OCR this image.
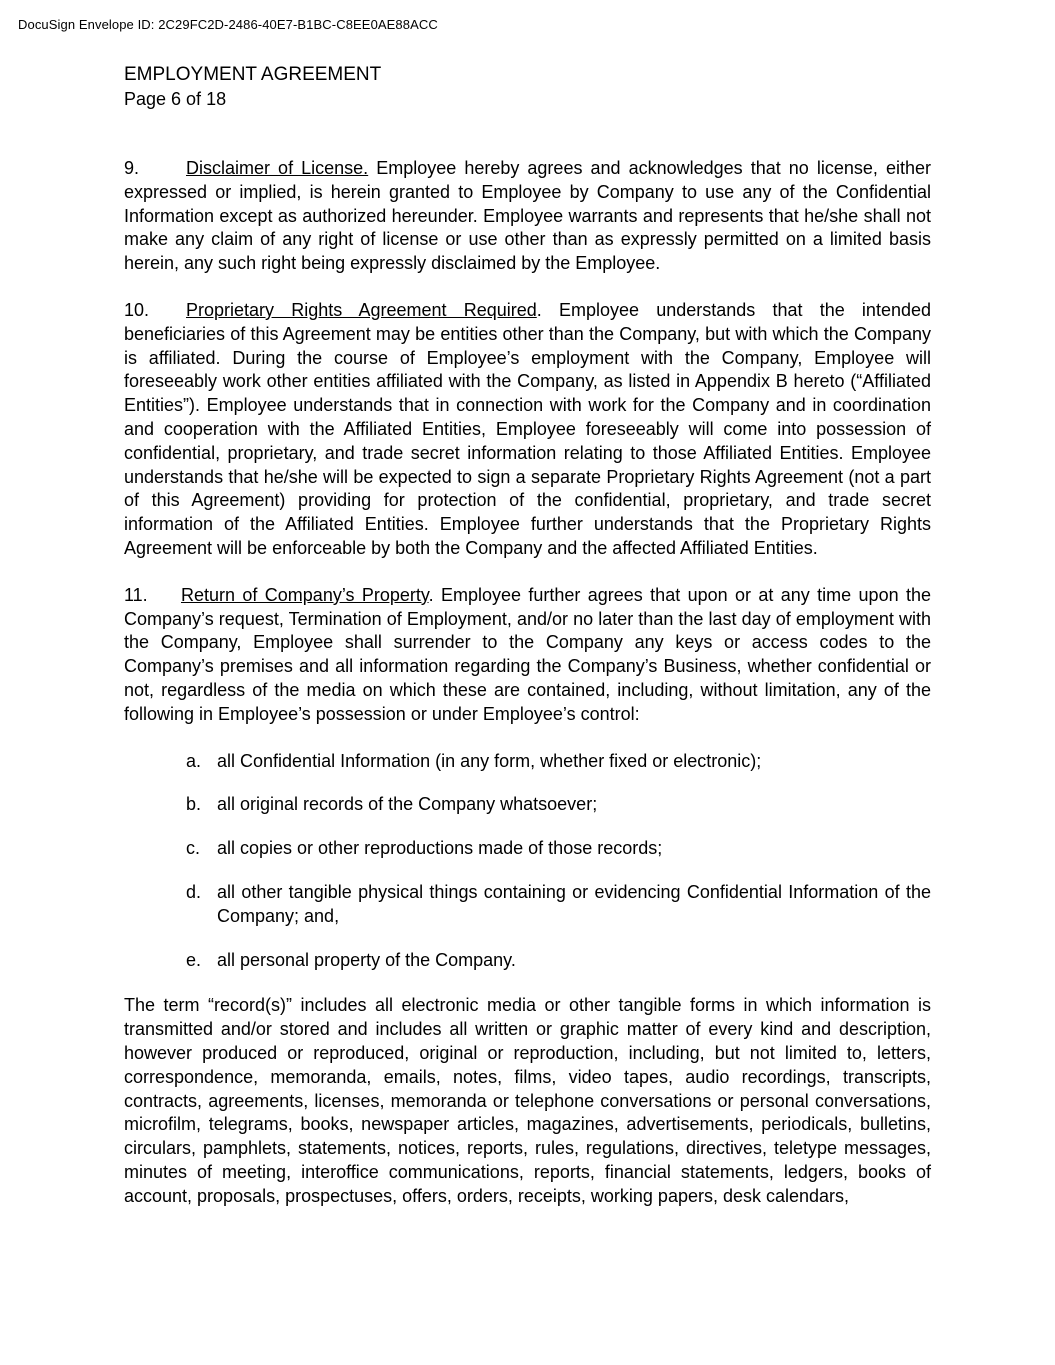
DocuSign Envelope ID: 2C29FC2D-2486-40E7-B1BC-C8EE0AE88ACC
EMPLOYMENT AGREEMENT
Page 6 of 18

9.	Disclaimer of License. Employee hereby agrees and acknowledges that no license, either expressed or implied, is herein granted to Employee by Company to use any of the Confidential Information except as authorized hereunder. Employee warrants and represents that he/she shall not make any claim of any right of license or use other than as expressly permitted on a limited basis herein, any such right being expressly disclaimed by the Employee.

10. Proprietary Rights Agreement Required. Employee understands that the intended beneficiaries of this Agreement may be entities other than the Company, but with which the Company is affiliated. During the course of Employee’s employment with the Company, Employee will foreseeably work other entities affiliated with the Company, as listed in Appendix B hereto (“Affiliated Entities”). Employee understands that in connection with work for the Company and in coordination and cooperation with the Affiliated Entities, Employee foreseeably will come into possession of confidential, proprietary, and trade secret information relating to those Affiliated Entities. Employee understands that he/she will be expected to sign a separate Proprietary Rights Agreement (not a part of this Agreement) providing for protection of the confidential, proprietary, and trade secret information of the Affiliated Entities. Employee further understands that the Proprietary Rights Agreement will be enforceable by both the Company and the affected Affiliated Entities.

11. Return of Company’s Property. Employee further agrees that upon or at any time upon the Company’s request, Termination of Employment, and/or no later than the last day of employment with the Company, Employee shall surrender to the Company any keys or access codes to the Company’s premises and all information regarding the Company’s Business, whether confidential or not, regardless of the media on which these are contained, including, without limitation, any of the following in Employee’s possession or under Employee’s control:

a. all Confidential Information (in any form, whether fixed or electronic);
b. all original records of the Company whatsoever;
c. all copies or other reproductions made of those records;
d. all other tangible physical things containing or evidencing Confidential Information of the Company; and,
e. all personal property of the Company.

The term “record(s)” includes all electronic media or other tangible forms in which information is transmitted and/or stored and includes all written or graphic matter of every kind and description, however produced or reproduced, original or reproduction, including, but not limited to, letters, correspondence, memoranda, emails, notes, films, video tapes, audio recordings, transcripts, contracts, agreements, licenses, memoranda or telephone conversations or personal conversations, microfilm, telegrams, books, newspaper articles, magazines, advertisements, periodicals, bulletins, circulars, pamphlets, statements, notices, reports, rules, regulations, directives, teletype messages, minutes of meeting, interoffice communications, reports, financial statements, ledgers, books of account, proposals, prospectuses, offers, orders, receipts, working papers, desk calendars,
